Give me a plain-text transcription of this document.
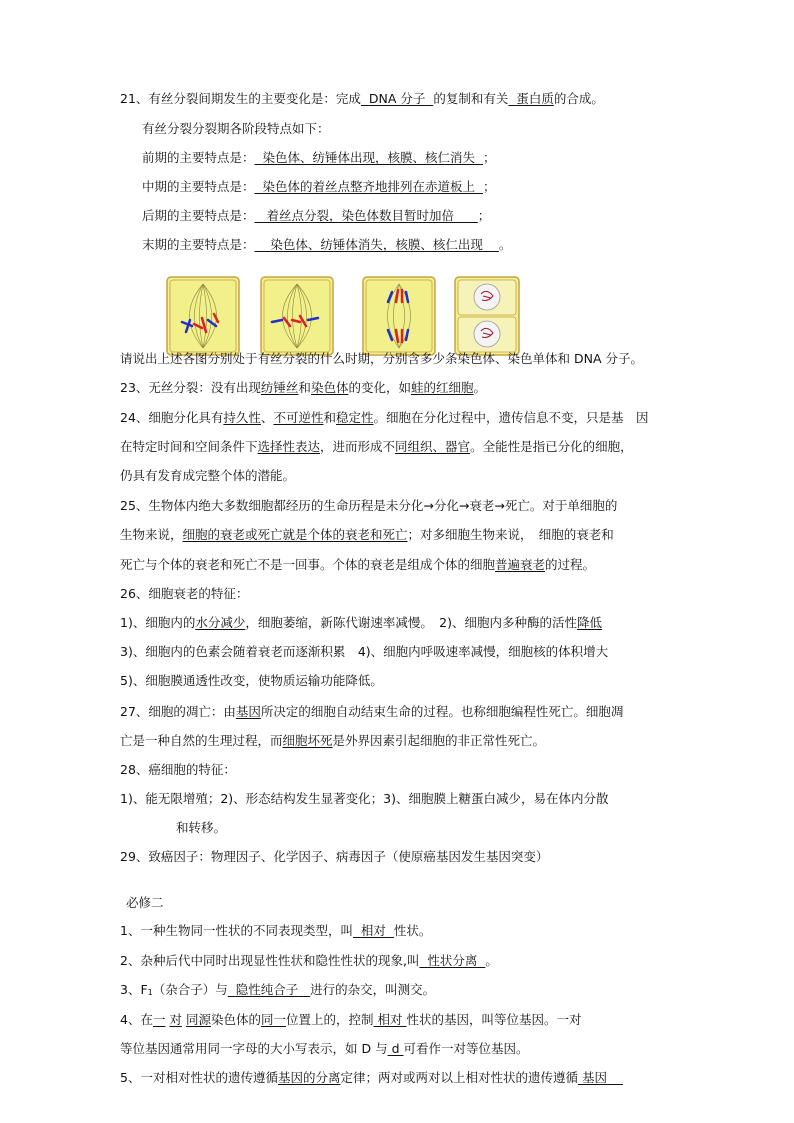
21、有丝分裂间期发生的主要变化是：完成 DNA 分子 的复制和有关 蛋白质的合成。
有丝分裂分裂期各阶段特点如下：
前期的主要特点是： 染色体、纺锤体出现，核膜、核仁消失 ；
中期的主要特点是： 染色体的着丝点整齐地排列在赤道板上 ；
后期的主要特点是： 着丝点分裂，染色体数目暂时加倍 ；
末期的主要特点是： 染色体、纺锤体消失，核膜、核仁出现 。
请说出上述各图分别处于有丝分裂的什么时期，分别含多少条染色体、染色单体和 DNA 分子。
23、无丝分裂：没有出现纺锤丝和染色体的变化，如蛙的红细胞。
24、细胞分化具有持久性、不可逆性和稳定性。细胞在分化过程中，遗传信息不变，只是基　因
在特定时间和空间条件下选择性表达，进而形成不同组织、器官。全能性是指已分化的细胞，
仍具有发育成完整个体的潜能。
25、生物体内绝大多数细胞都经历的生命历程是未分化→分化→衰老→死亡。对于单细胞的
生物来说，细胞的衰老或死亡就是个体的衰老和死亡；对多细胞生物来说，　细胞的衰老和
死亡与个体的衰老和死亡不是一回事。个体的衰老是组成个体的细胞普遍衰老的过程。
26、细胞衰老的特征：
1)、细胞内的水分减少，细胞萎缩，新陈代谢速率减慢。　2)、细胞内多种酶的活性降低
3)、细胞内的色素会随着衰老而逐渐积累　4)、细胞内呼吸速率减慢，细胞核的体积增大
5)、细胞膜通透性改变，使物质运输功能降低。
27、细胞的凋亡：由基因所决定的细胞自动结束生命的过程。也称细胞编程性死亡。细胞凋
亡是一种自然的生理过程，而细胞坏死是外界因素引起细胞的非正常性死亡。
28、癌细胞的特征：
1)、能无限增殖；2)、形态结构发生显著变化；3)、细胞膜上糖蛋白减少，易在体内分散
和转移。
29、致癌因子：物理因子、化学因子、病毒因子（使原癌基因发生基因突变）
必修二
1、一种生物同一性状的不同表现类型，叫 相对 性状。
2、杂种后代中同时出现显性性状和隐性性状的现象,叫 性状分离 。
3、$F_1$（杂合子）与 隐性纯合子 进行的杂交，叫测交。
4、在一 对 同源染色体的同一位置上的，控制 相对 性状的基因，叫等位基因。一对
等位基因通常用同一字母的大小写表示，如 D 与 d 可看作一对等位基因。
5、一对相对性状的遗传遵循基因的分离定律；两对或两对以上相对性状的遗传遵循 基因
